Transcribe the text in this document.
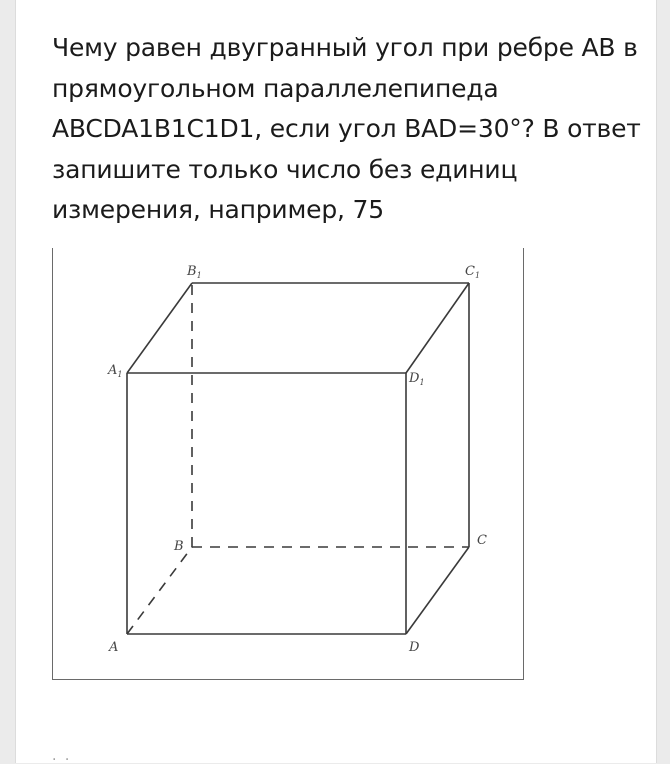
Чему равен двугранный угол при ребре AB в прямоугольном параллелепипеда ABCDA1B1C1D1, если угол BAD=30°? В ответ запишите только число без единиц измерения, например, 75

A
B	C
D
$A_1$
$B_1$	$C_1$
$D_1$
. .
